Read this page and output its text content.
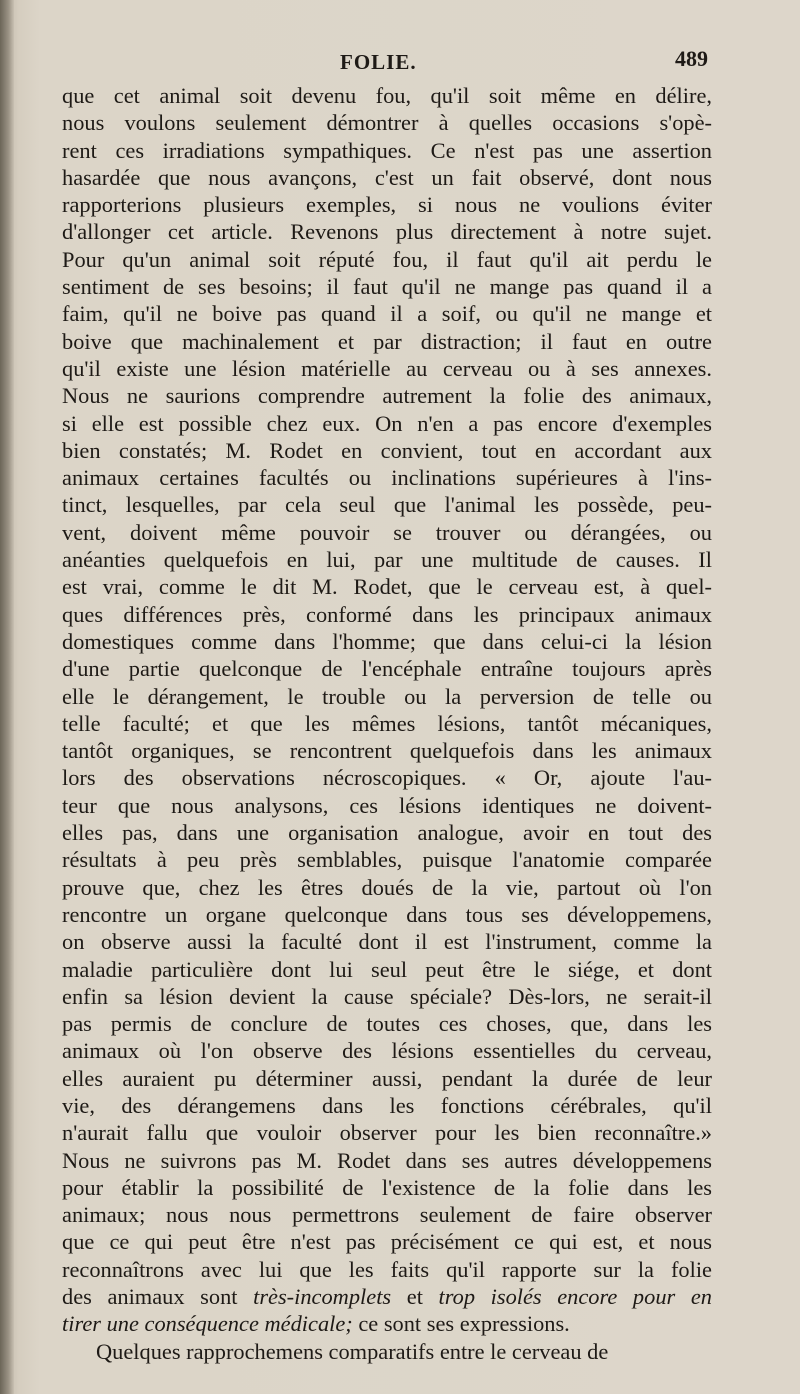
FOLIE.	489
que cet animal soit devenu fou, qu'il soit même en délire,
nous voulons seulement démontrer à quelles occasions s'opè-
rent ces irradiations sympathiques. Ce n'est pas une assertion
hasardée que nous avançons, c'est un fait observé, dont nous
rapporterions plusieurs exemples, si nous ne voulions éviter
d'allonger cet article. Revenons plus directement à notre sujet.
Pour qu'un animal soit réputé fou, il faut qu'il ait perdu le
sentiment de ses besoins; il faut qu'il ne mange pas quand il a
faim, qu'il ne boive pas quand il a soif, ou qu'il ne mange et
boive que machinalement et par distraction; il faut en outre
qu'il existe une lésion matérielle au cerveau ou à ses annexes.
Nous ne saurions comprendre autrement la folie des animaux,
si elle est possible chez eux. On n'en a pas encore d'exemples
bien constatés; M. Rodet en convient, tout en accordant aux
animaux certaines facultés ou inclinations supérieures à l'ins-
tinct, lesquelles, par cela seul que l'animal les possède, peu-
vent, doivent même pouvoir se trouver ou dérangées, ou
anéanties quelquefois en lui, par une multitude de causes. Il
est vrai, comme le dit M. Rodet, que le cerveau est, à quel-
ques différences près, conformé dans les principaux animaux
domestiques comme dans l'homme; que dans celui-ci la lésion
d'une partie quelconque de l'encéphale entraîne toujours après
elle le dérangement, le trouble ou la perversion de telle ou
telle faculté; et que les mêmes lésions, tantôt mécaniques,
tantôt organiques, se rencontrent quelquefois dans les animaux
lors des observations nécroscopiques. « Or, ajoute l'au-
teur que nous analysons, ces lésions identiques ne doivent-
elles pas, dans une organisation analogue, avoir en tout des
résultats à peu près semblables, puisque l'anatomie comparée
prouve que, chez les êtres doués de la vie, partout où l'on
rencontre un organe quelconque dans tous ses développemens,
on observe aussi la faculté dont il est l'instrument, comme la
maladie particulière dont lui seul peut être le siége, et dont
enfin sa lésion devient la cause spéciale? Dès-lors, ne serait-il
pas permis de conclure de toutes ces choses, que, dans les
animaux où l'on observe des lésions essentielles du cerveau,
elles auraient pu déterminer aussi, pendant la durée de leur
vie, des dérangemens dans les fonctions cérébrales, qu'il
n'aurait fallu que vouloir observer pour les bien reconnaître.»
Nous ne suivrons pas M. Rodet dans ses autres développemens
pour établir la possibilité de l'existence de la folie dans les
animaux; nous nous permettrons seulement de faire observer
que ce qui peut être n'est pas précisément ce qui est, et nous
reconnaîtrons avec lui que les faits qu'il rapporte sur la folie
des animaux sont très-incomplets et trop isolés encore pour en
tirer une conséquence médicale; ce sont ses expressions.
Quelques rapprochemens comparatifs entre le cerveau de
